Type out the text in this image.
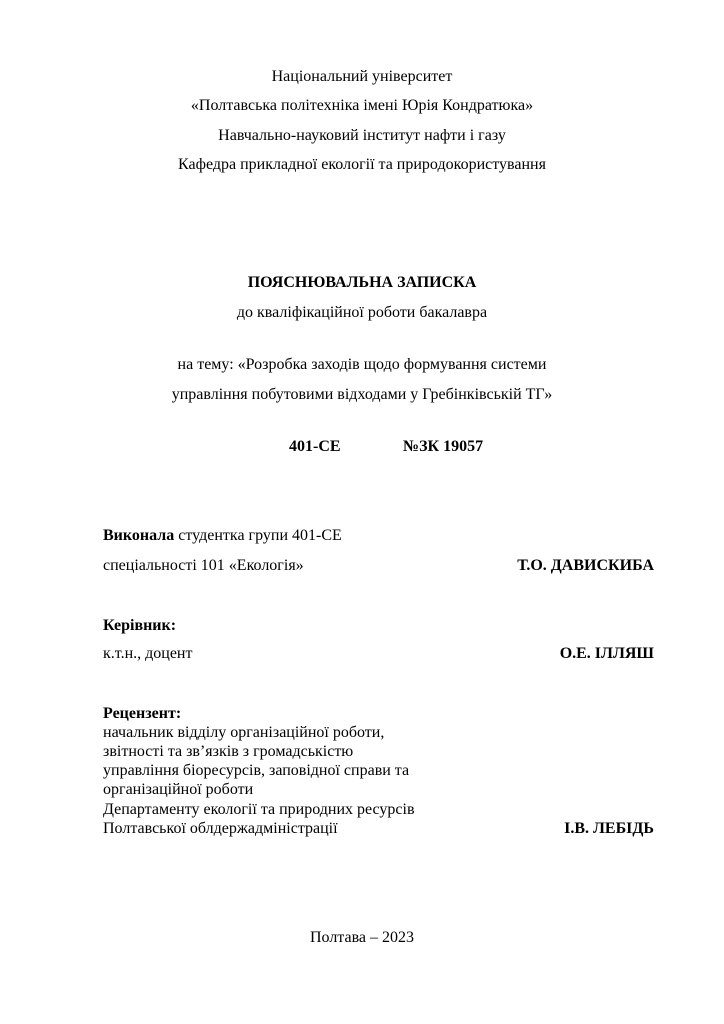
Національний університет
«Полтавська політехніка імені Юрія Кондратюка»
Навчально-науковий інститут нафти і газу
Кафедра прикладної екології та природокористування
ПОЯСНЮВАЛЬНА ЗАПИСКА
до кваліфікаційної роботи бакалавра
на тему: «Розробка заходів щодо формування системи
управління побутовими відходами у Гребінківській ТГ»
401-СЕ	№ЗК 19057
Виконала студентка групи 401-СЕ
спеціальності 101 «Екологія»	Т.О. ДАВИСКИБА
Керівник:
к.т.н., доцент	О.Е. ІЛЛЯШ
Рецензент:
начальник відділу організаційної роботи,
звітності та зв’язків з громадськістю
управління біоресурсів, заповідної справи та
організаційної роботи
Департаменту екології та природних ресурсів
Полтавської облдержадміністрації	І.В. ЛЕБІДЬ
Полтава – 2023
